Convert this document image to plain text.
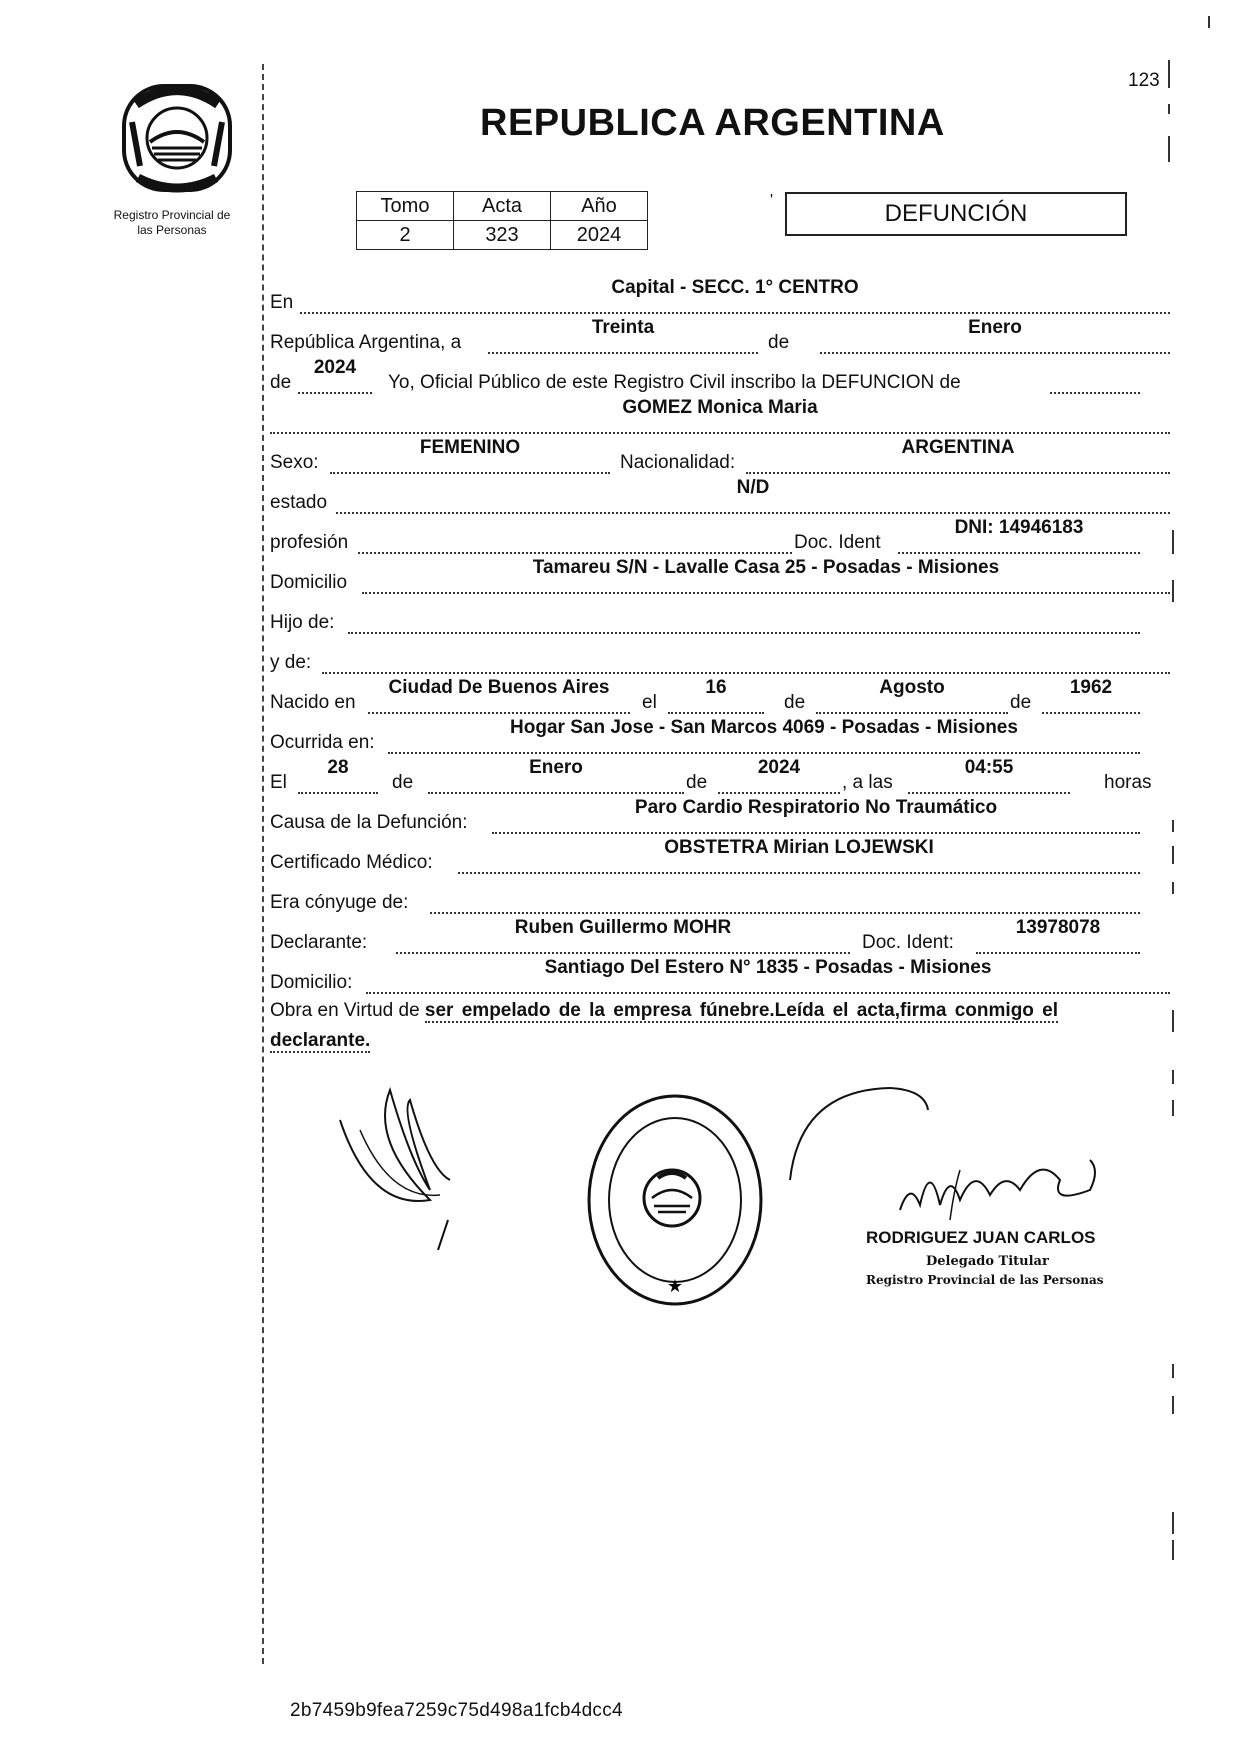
123
Registro Provincial de
las Personas
REPUBLICA ARGENTINA
Tomo	Acta	Año
2	323	2024
'	DEFUNCIÓN
En
Capital - SECC. 1° CENTRO
República Argentina, a
Treinta
de
Enero
de
2024
Yo, Oficial Público de este Registro Civil inscribo la DEFUNCION de
GOMEZ Monica Maria
Sexo:
FEMENINO
Nacionalidad:
ARGENTINA
estado
N/D
profesión	Doc. Ident
DNI: 14946183
Domicilio
Tamareu S/N - Lavalle Casa 25 - Posadas - Misiones
Hijo de:
y de:
Nacido en
Ciudad De Buenos Aires
el
16
de
Agosto
de
1962
Ocurrida en:
Hogar San Jose - San Marcos 4069 - Posadas - Misiones
El
28
de
Enero
de
2024
, a las
04:55
horas
Causa de la Defunción:
Paro Cardio Respiratorio No Traumático
Certificado Médico:
OBSTETRA Mirian LOJEWSKI
Era cónyuge de:
Declarante:
Ruben Guillermo MOHR
Doc. Ident:
13978078
Domicilio:
Santiago Del Estero N° 1835 - Posadas - Misiones
Obra en Virtud de ser empelado de la empresa fúnebre.Leída el acta,firma conmigo el
declarante.
★
RODRIGUEZ JUAN CARLOS
Delegado Titular
Registro Provincial de las Personas
2b7459b9fea7259c75d498a1fcb4dcc4
